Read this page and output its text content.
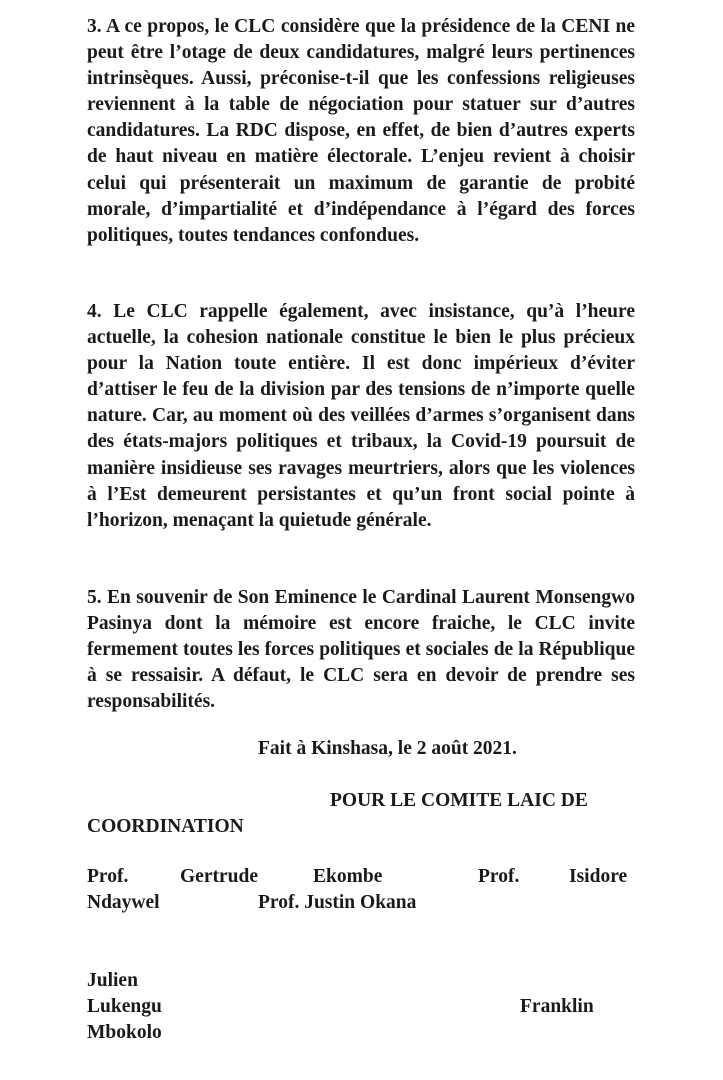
3. A ce propos, le CLC considère que la présidence de la CENI ne peut être l’otage de deux candidatures, malgré leurs pertinences intrinsèques. Aussi, préconise-t-il que les confessions religieuses reviennent à la table de négociation pour statuer sur d’autres candidatures. La RDC dispose, en effet, de bien d’autres experts de haut niveau en matière électorale. L’enjeu revient à choisir celui qui présenterait un maximum de garantie de probité morale, d’impartialité et d’indépendance à l’égard des forces politiques, toutes tendances confondues.

4. Le CLC rappelle également, avec insistance, qu’à l’heure actuelle, la cohesion nationale constitue le bien le plus précieux pour la Nation toute entière. Il est donc impérieux d’éviter d’attiser le feu de la division par des tensions de n’importe quelle nature. Car, au moment où des veillées d’armes s’organisent dans des états-majors politiques et tribaux, la Covid-19 poursuit de manière insidieuse ses ravages meurtriers, alors que les violences à l’Est demeurent persistantes et qu’un front social pointe à l’horizon, menaçant la quietude générale.

5. En souvenir de Son Eminence le Cardinal Laurent Monsengwo Pasinya dont la mémoire est encore fraiche, le CLC invite fermement toutes les forces politiques et sociales de la République à se ressaisir. A défaut, le CLC sera en devoir de prendre ses responsabilités.

Fait à Kinshasa, le 2 août 2021.
POUR LE COMITE LAIC DE
COORDINATION
Prof.	Gertrude	Ekombe	Prof.	Isidore
Ndaywel	Prof. Justin Okana
Julien
Lukengu	Franklin
Mbokolo
